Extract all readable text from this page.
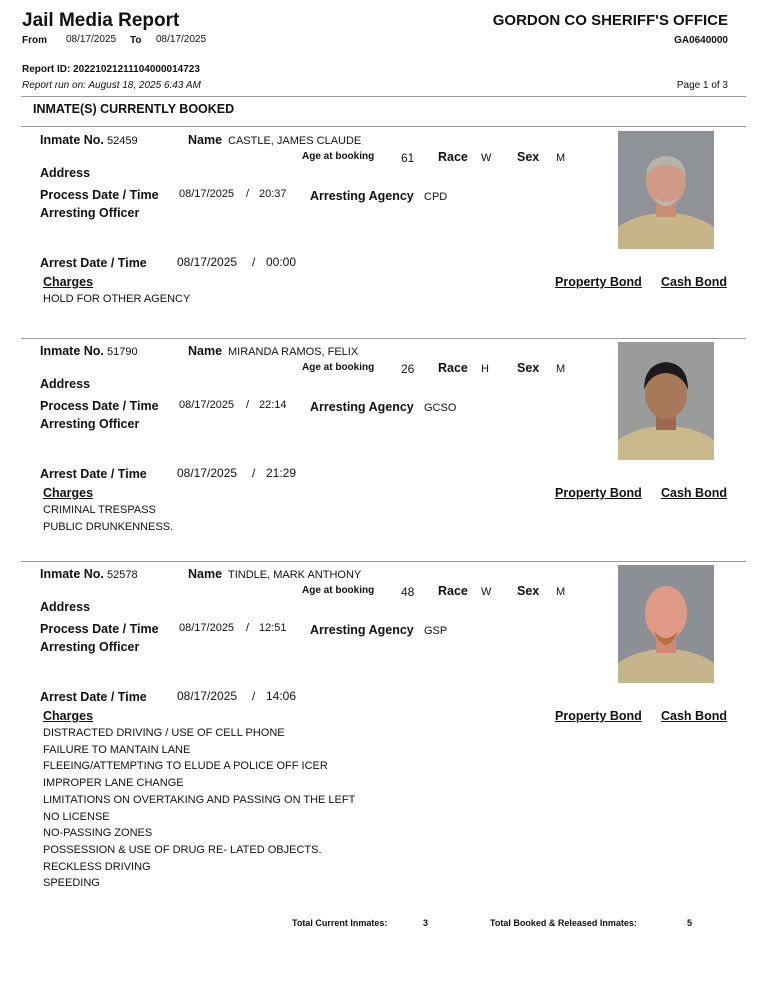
Jail Media Report	GORDON CO SHERIFF'S OFFICE
From 08/17/2025 To 08/17/2025	GA0640000
Report ID: 20221021211104000014723
Report run on: August 18, 2025 6:43 AM	Page 1 of 3
INMATE(S) CURRENTLY BOOKED
Inmate No. 52459	Name CASTLE, JAMES CLAUDE
Age at booking 61 Race W Sex M
Address
Process Date / Time 08/17/2025 / 20:37 Arresting Agency CPD
Arresting Officer
Arrest Date / Time	08/17/2025 / 00:00
Charges	Property Bond Cash Bond
HOLD FOR OTHER AGENCY
Inmate No. 51790	Name MIRANDA RAMOS, FELIX
Age at booking 26 Race H Sex M
Address
Process Date / Time 08/17/2025 / 22:14 Arresting Agency GCSO
Arresting Officer
Arrest Date / Time	08/17/2025 / 21:29
Charges	Property Bond Cash Bond
CRIMINAL TRESPASS
PUBLIC DRUNKENNESS.
Inmate No. 52578	Name TINDLE, MARK ANTHONY
Age at booking 48 Race W Sex M
Address
Process Date / Time 08/17/2025 / 12:51 Arresting Agency GSP
Arresting Officer
Arrest Date / Time	08/17/2025 / 14:06
Charges	Property Bond Cash Bond
DISTRACTED DRIVING / USE OF CELL PHONE
FAILURE TO MANTAIN LANE
FLEEING/ATTEMPTING TO ELUDE A POLICE OFF ICER
IMPROPER LANE CHANGE
LIMITATIONS ON OVERTAKING AND PASSING ON THE LEFT
NO LICENSE
NO-PASSING ZONES
POSSESSION & USE OF DRUG RE- LATED OBJECTS.
RECKLESS DRIVING
SPEEDING
Total Current Inmates:	3	Total Booked & Released Inmates:	5
